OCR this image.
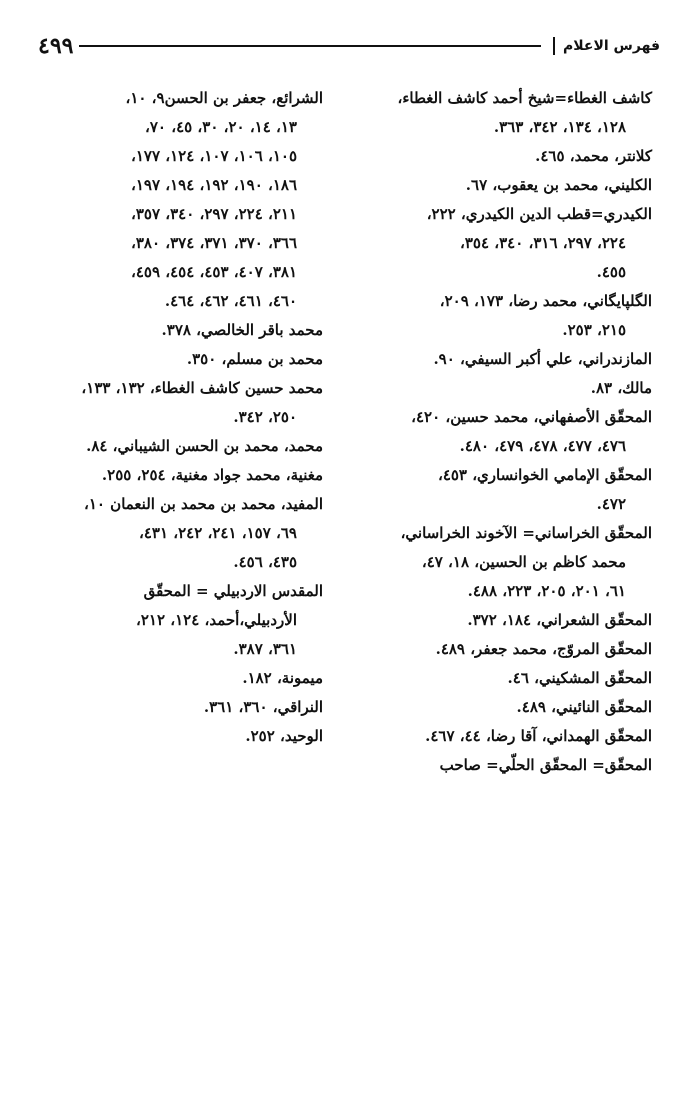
فهرس الاعلام
٤٩٩
كاشف الغطاء=شيخ أحمد كاشف الغطاء،
١٢٨، ١٣٤، ٣٤٢، ٣٦٣.
كلانتر، محمد، ٤٦٥.
الكليني، محمد بن يعقوب، ٦٧.
الكيدري=قطب الدين الكيدري، ٢٢٢،
٢٢٤، ٢٩٧، ٣١٦، ٣٤٠، ٣٥٤،
٤٥٥.
الگلپايگاني، محمد رضا، ١٧٣، ٢٠٩،
٢١٥، ٢٥٣.
المازندراني، علي أكبر السيفي، ٩٠.
مالك، ٨٣.
المحقّق الأصفهاني، محمد حسين، ٤٢٠،
٤٧٦، ٤٧٧، ٤٧٨، ٤٧٩، ٤٨٠.
المحقّق الإمامي الخوانساري، ٤٥٣،
٤٧٢.
المحقّق الخراساني= الآخوند الخراساني،
محمد كاظم بن الحسين، ١٨، ٤٧،
٦١، ٢٠١، ٢٠٥، ٢٢٣، ٤٨٨.
المحقّق الشعراني، ١٨٤، ٣٧٢.
المحقّق المروّج، محمد جعفر، ٤٨٩.
المحقّق المشكيني، ٤٦.
المحقّق النائيني، ٤٨٩.
المحقّق الهمداني، آقا رضا، ٤٤، ٤٦٧.
المحقّق= المحقّق الحلّي= صاحب
الشرائع، جعفر بن الحسن٩، ١٠،
١٣، ١٤، ٢٠، ٣٠، ٤٥، ٧٠،
١٠٥، ١٠٦، ١٠٧، ١٢٤، ١٧٧،
١٨٦، ١٩٠، ١٩٢، ١٩٤، ١٩٧،
٢١١، ٢٢٤، ٢٩٧، ٣٤٠، ٣٥٧،
٣٦٦، ٣٧٠، ٣٧١، ٣٧٤، ٣٨٠،
٣٨١، ٤٠٧، ٤٥٣، ٤٥٤، ٤٥٩،
٤٦٠، ٤٦١، ٤٦٢، ٤٦٤.
محمد باقر الخالصي، ٣٧٨.
محمد بن مسلم، ٣٥٠.
محمد حسين كاشف الغطاء، ١٣٢، ١٣٣،
٢٥٠، ٣٤٢.
محمد، محمد بن الحسن الشيباني، ٨٤.
مغنية، محمد جواد مغنية، ٢٥٤، ٢٥٥.
المفيد، محمد بن محمد بن النعمان ١٠،
٦٩، ١٥٧، ٢٤١، ٢٤٢، ٤٣١،
٤٣٥، ٤٥٦.
المقدس الاردبيلي = المحقّق
الأردبيلي،أحمد، ١٢٤، ٢١٢،
٣٦١، ٣٨٧.
ميمونة، ١٨٢.
النراقي، ٣٦٠، ٣٦١.
الوحيد، ٢٥٢.
